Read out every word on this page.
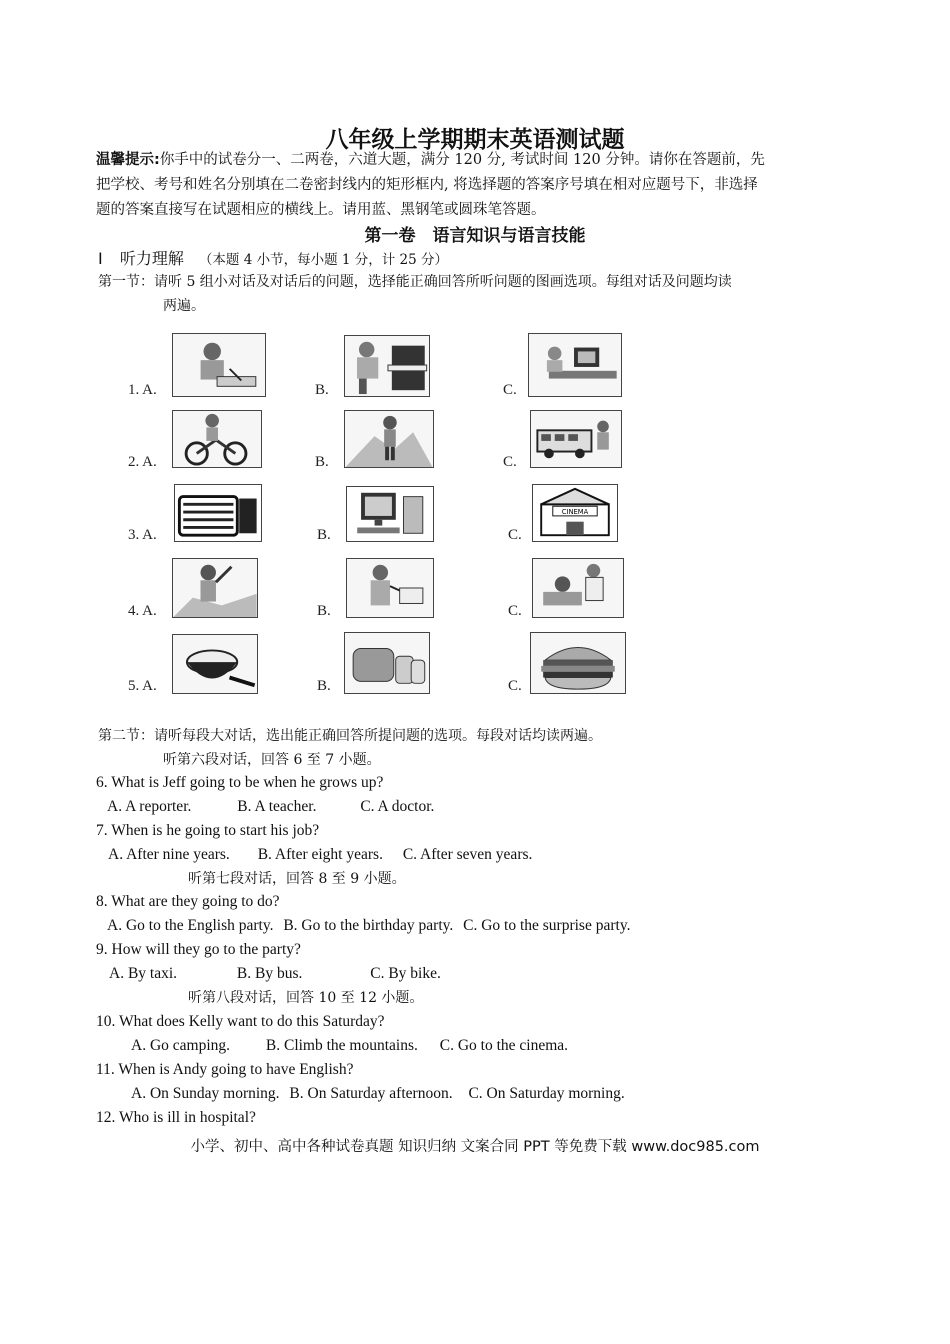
八年级上学期期末英语测试题
温馨提示:你手中的试卷分一、二两卷，六道大题，满分 120 分, 考试时间 120 分钟。请你在答题前，先
把学校、考号和姓名分别填在二卷密封线内的矩形框内, 将选择题的答案序号填在相对应题号下，非选择
题的答案直接写在试题相应的横线上。请用蓝、黑钢笔或圆珠笔答题。
第一卷　语言知识与语言技能
Ⅰ 听力理解 （本题 4 小节，每小题 1 分，计 25 分）
第一节：请听 5 组小对话及对话后的问题，选择能正确回答所听问题的图画选项。每组对话及问题均读
两遍。
1. A.	B.	C.
2. A.	B.	C.
3. A.	B.	C.
CINEMA
4. A.	B.	C.
5. A.	B.	C.
第二节：请听每段大对话，选出能正确回答所提问题的选项。每段对话均读两遍。
听第六段对话，回答 6 至 7 小题。
6. What is Jeff going to be when he grows up?
A. A reporter.	B. A teacher.	C. A doctor.
7. When is he going to start his job?
A. After nine years. B. After eight years. C. After seven years.
听第七段对话，回答 8 至 9 小题。
8. What are they going to do?
A. Go to the English party. B. Go to the birthday party. C. Go to the surprise party.
9. How will they go to the party?
A. By taxi.	B. By bus.	C. By bike.
听第八段对话，回答 10 至 12 小题。
10. What does Kelly want to do this Saturday?
A. Go camping. B. Climb the mountains. C. Go to the cinema.
11. When is Andy going to have English?
A. On Sunday morning. B. On Saturday afternoon. C. On Saturday morning.
12. Who is ill in hospital?
小学、初中、高中各种试卷真题 知识归纳 文案合同 PPT 等免费下载 www.doc985.com
